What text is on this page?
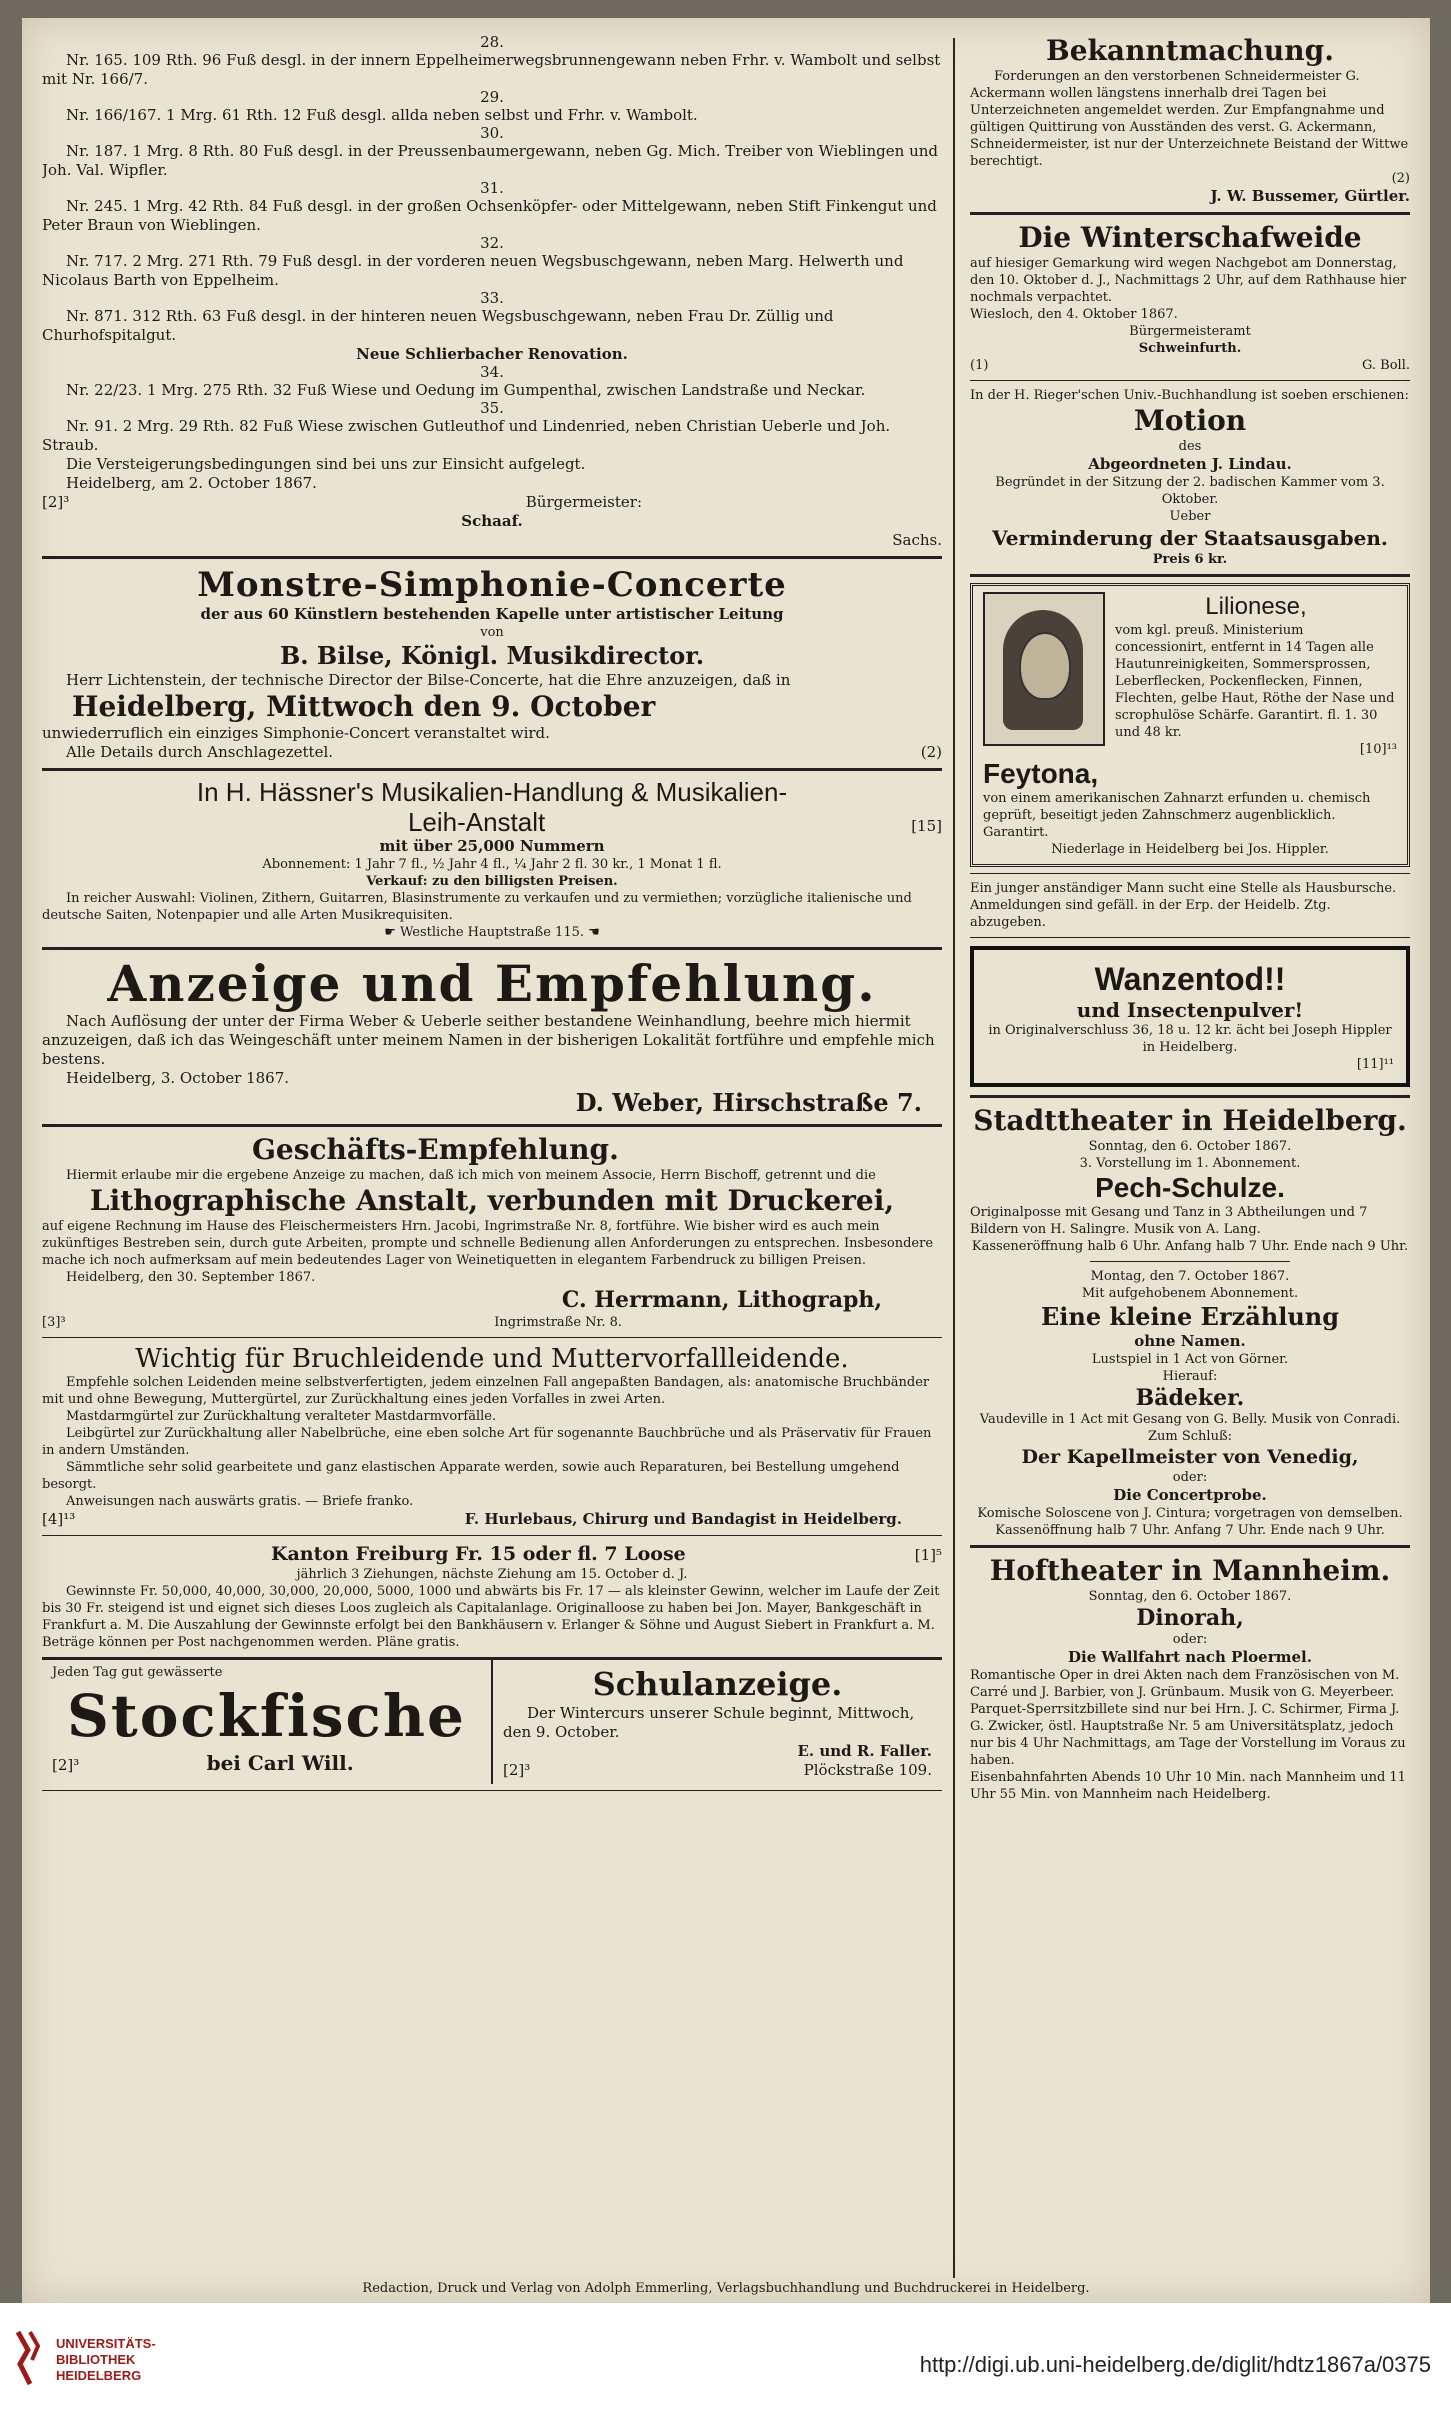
28.

Nr. 165. 109 Rth. 96 Fuß desgl. in der innern Eppelheimerwegsbrunnengewann neben Frhr. v. Wambolt und selbst mit Nr. 166/7.

29.

Nr. 166/167. 1 Mrg. 61 Rth. 12 Fuß desgl. allda neben selbst und Frhr. v. Wambolt.

30.

Nr. 187. 1 Mrg. 8 Rth. 80 Fuß desgl. in der Preussenbaumergewann, neben Gg. Mich. Treiber von Wieblingen und Joh. Val. Wipfler.

31.

Nr. 245. 1 Mrg. 42 Rth. 84 Fuß desgl. in der großen Ochsenköpfer- oder Mittelgewann, neben Stift Finkengut und Peter Braun von Wieblingen.

32.

Nr. 717. 2 Mrg. 271 Rth. 79 Fuß desgl. in der vorderen neuen Wegsbuschgewann, neben Marg. Helwerth und Nicolaus Barth von Eppelheim.

33.

Nr. 871. 312 Rth. 63 Fuß desgl. in der hinteren neuen Wegsbuschgewann, neben Frau Dr. Züllig und Churhofspitalgut.

Neue Schlierbacher Renovation.
34.

Nr. 22/23. 1 Mrg. 275 Rth. 32 Fuß Wiese und Oedung im Gumpenthal, zwischen Landstraße und Neckar.

35.

Nr. 91. 2 Mrg. 29 Rth. 82 Fuß Wiese zwischen Gutleuthof und Lindenried, neben Christian Ueberle und Joh. Straub.

Die Versteigerungsbedingungen sind bei uns zur Einsicht aufgelegt.

Heidelberg, am 2. October 1867.
[2]³	Bürgermeister:
Schaaf.
Sachs.
Monstre-Simphonie-Concerte
der aus 60 Künstlern bestehenden Kapelle unter artistischer Leitung
von
B. Bilse, Königl. Musikdirector.

Herr Lichtenstein, der technische Director der Bilse-Concerte, hat die Ehre anzuzeigen, daß in

Heidelberg, Mittwoch den 9. October

unwiederruflich ein einziges Simphonie-Concert veranstaltet wird.

Alle Details durch Anschlagezettel.	(2)
In H. Hässner's Musikalien-Handlung & Musikalien-
Leih-Anstalt	[15]
mit über 25,000 Nummern
Abonnement: 1 Jahr 7 fl., ½ Jahr 4 fl., ¼ Jahr 2 fl. 30 kr., 1 Monat 1 fl.
Verkauf: zu den billigsten Preisen.

In reicher Auswahl: Violinen, Zithern, Guitarren, Blasinstrumente zu verkaufen und zu vermiethen; vorzügliche italienische und deutsche Saiten, Notenpapier und alle Arten Musikrequisiten.

☛ Westliche Hauptstraße 115. ☚
Anzeige und Empfehlung.

Nach Auflösung der unter der Firma Weber & Ueberle seither bestandene Weinhandlung, beehre mich hiermit anzuzeigen, daß ich das Weingeschäft unter meinem Namen in der bisherigen Lokalität fortführe und empfehle mich bestens.

Heidelberg, 3. October 1867.
D. Weber, Hirschstraße 7.
Geschäfts-Empfehlung.

Hiermit erlaube mir die ergebene Anzeige zu machen, daß ich mich von meinem Associe, Herrn Bischoff, getrennt und die

Lithographische Anstalt, verbunden mit Druckerei,

auf eigene Rechnung im Hause des Fleischermeisters Hrn. Jacobi, Ingrimstraße Nr. 8, fortführe. Wie bisher wird es auch mein zukünftiges Bestreben sein, durch gute Arbeiten, prompte und schnelle Bedienung allen Anforderungen zu entsprechen. Insbesondere mache ich noch aufmerksam auf mein bedeutendes Lager von Weinetiquetten in elegantem Farbendruck zu billigen Preisen.

Heidelberg, den 30. September 1867.
C. Herrmann, Lithograph,
[3]³	Ingrimstraße Nr. 8.
Wichtig für Bruchleidende und Muttervorfallleidende.

Empfehle solchen Leidenden meine selbstverfertigten, jedem einzelnen Fall angepaßten Bandagen, als: anatomische Bruchbänder mit und ohne Bewegung, Muttergürtel, zur Zurückhaltung eines jeden Vorfalles in zwei Arten.

Mastdarmgürtel zur Zurückhaltung veralteter Mastdarmvorfälle.

Leibgürtel zur Zurückhaltung aller Nabelbrüche, eine eben solche Art für sogenannte Bauchbrüche und als Präservativ für Frauen in andern Umständen.

Sämmtliche sehr solid gearbeitete und ganz elastischen Apparate werden, sowie auch Reparaturen, bei Bestellung umgehend besorgt.

Anweisungen nach auswärts gratis. — Briefe franko.

[4]¹³	F. Hurlebaus, Chirurg und Bandagist in Heidelberg.
Kanton Freiburg Fr. 15 oder fl. 7 Loose	[1]⁵
jährlich 3 Ziehungen, nächste Ziehung am 15. October d. J.

Gewinnste Fr. 50,000, 40,000, 30,000, 20,000, 5000, 1000 und abwärts bis Fr. 17 — als kleinster Gewinn, welcher im Laufe der Zeit bis 30 Fr. steigend ist und eignet sich dieses Loos zugleich als Capitalanlage. Originalloose zu haben bei Jon. Mayer, Bankgeschäft in Frankfurt a. M. Die Auszahlung der Gewinnste erfolgt bei den Bankhäusern v. Erlanger & Söhne und August Siebert in Frankfurt a. M. Beträge können per Post nachgenommen werden. Pläne gratis.

Jeden Tag gut gewässerte
Stockfische
[2]³	bei Carl Will.
Schulanzeige.

Der Wintercurs unserer Schule beginnt, Mittwoch, den 9. October.

E. und R. Faller.
[2]³	Plöckstraße 109.
Bekanntmachung.

Forderungen an den verstorbenen Schneidermeister G. Ackermann wollen längstens innerhalb drei Tagen bei Unterzeichneten angemeldet werden. Zur Empfangnahme und gültigen Quittirung von Ausständen des verst. G. Ackermann, Schneidermeister, ist nur der Unterzeichnete Beistand der Wittwe berechtigt.

(2)
J. W. Bussemer, Gürtler.
Die Winterschafweide

auf hiesiger Gemarkung wird wegen Nachgebot am Donnerstag, den 10. Oktober d. J., Nachmittags 2 Uhr, auf dem Rathhause hier nochmals verpachtet.

Wiesloch, den 4. Oktober 1867.
Bürgermeisteramt
Schweinfurth.
(1)	G. Boll.

In der H. Rieger'schen Univ.-Buchhandlung ist soeben erschienen:

Motion
des
Abgeordneten J. Lindau.
Begründet in der Sitzung der 2. badischen Kammer vom 3. Oktober.
Ueber
Verminderung der Staatsausgaben.
Preis 6 kr.
Lilionese,

vom kgl. preuß. Ministerium concessionirt, entfernt in 14 Tagen alle Hautunreinigkeiten, Sommersprossen, Leberflecken, Pockenflecken, Finnen, Flechten, gelbe Haut, Röthe der Nase und scrophulöse Schärfe. Garantirt. fl. 1. 30 und 48 kr.

[10]¹³
Feytona,

von einem amerikanischen Zahnarzt erfunden u. chemisch geprüft, beseitigt jeden Zahnschmerz augenblicklich. Garantirt.

Niederlage in Heidelberg bei Jos. Hippler.

Ein junger anständiger Mann sucht eine Stelle als Hausbursche. Anmeldungen sind gefäll. in der Erp. der Heidelb. Ztg. abzugeben.

Wanzentod!!
und Insectenpulver!

in Originalverschluss 36, 18 u. 12 kr. ächt bei Joseph Hippler in Heidelberg.

[11]¹¹
Stadttheater in Heidelberg.
Sonntag, den 6. October 1867.
3. Vorstellung im 1. Abonnement.
Pech-Schulze.

Originalposse mit Gesang und Tanz in 3 Abtheilungen und 7 Bildern von H. Salingre. Musik von A. Lang.

Kasseneröffnung halb 6 Uhr. Anfang halb 7 Uhr. Ende nach 9 Uhr.

Montag, den 7. October 1867.
Mit aufgehobenem Abonnement.
Eine kleine Erzählung
ohne Namen.
Lustspiel in 1 Act von Görner.
Hierauf:
Bädeker.

Vaudeville in 1 Act mit Gesang von G. Belly. Musik von Conradi.

Zum Schluß:
Der Kapellmeister von Venedig,
oder:
Die Concertprobe.

Komische Soloscene von J. Cintura; vorgetragen von demselben.

Kassenöffnung halb 7 Uhr. Anfang 7 Uhr. Ende nach 9 Uhr.

Hoftheater in Mannheim.
Sonntag, den 6. October 1867.
Dinorah,
oder:
Die Wallfahrt nach Ploermel.

Romantische Oper in drei Akten nach dem Französischen von M. Carré und J. Barbier, von J. Grünbaum. Musik von G. Meyerbeer.

Parquet-Sperrsitzbillete sind nur bei Hrn. J. C. Schirmer, Firma J. G. Zwicker, östl. Hauptstraße Nr. 5 am Universitätsplatz, jedoch nur bis 4 Uhr Nachmittags, am Tage der Vorstellung im Voraus zu haben.

Eisenbahnfahrten Abends 10 Uhr 10 Min. nach Mannheim und 11 Uhr 55 Min. von Mannheim nach Heidelberg.

Redaction, Druck und Verlag von Adolph Emmerling, Verlagsbuchhandlung und Buchdruckerei in Heidelberg.
UNIVERSITÄTS-
BIBLIOTHEK
HEIDELBERG	http://digi.ub.uni-heidelberg.de/diglit/hdtz1867a/0375
